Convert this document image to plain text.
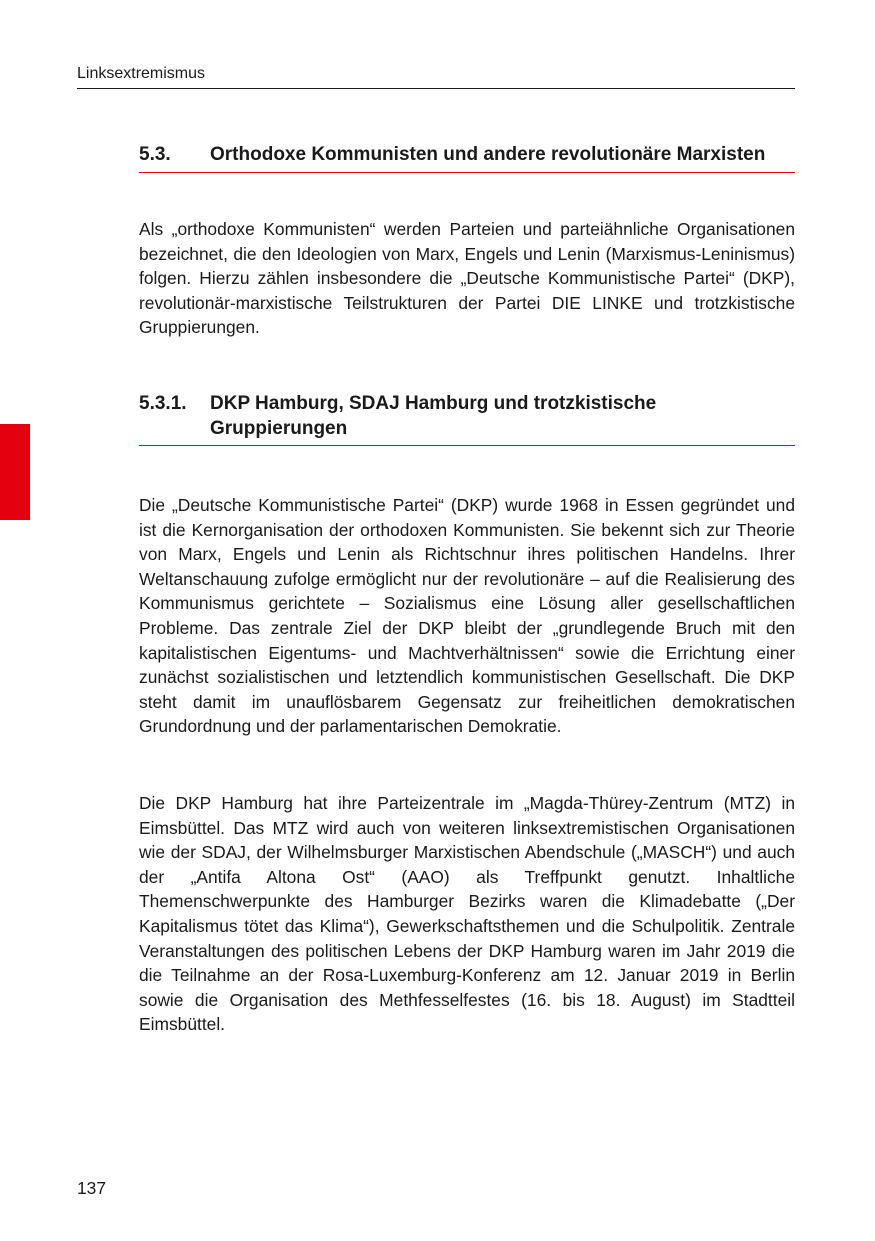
Linksextremismus
5.3. Orthodoxe Kommunisten und andere revolutionäre Marxisten

Als „orthodoxe Kommunisten“ werden Parteien und parteiähnliche Organisationen bezeichnet, die den Ideologien von Marx, Engels und Lenin (Marxismus-Leninismus) folgen. Hierzu zählen insbesondere die „Deutsche Kommunistische Partei“ (DKP), revolutionär-marxistische Teilstrukturen der Partei DIE LINKE und trotzkistische Gruppierungen.

5.3.1. DKP Hamburg, SDAJ Hamburg und trotzkistische Gruppierungen

Die „Deutsche Kommunistische Partei“ (DKP) wurde 1968 in Essen gegründet und ist die Kernorganisation der orthodoxen Kommunisten. Sie bekennt sich zur Theorie von Marx, Engels und Lenin als Richtschnur ihres politischen Handelns. Ihrer Weltanschauung zufolge ermöglicht nur der revolutionäre – auf die Realisierung des Kommunismus gerichtete – Sozialismus eine Lösung aller gesellschaftlichen Probleme. Das zentrale Ziel der DKP bleibt der „grundlegende Bruch mit den kapitalistischen Eigentums- und Machtverhältnissen“ sowie die Errichtung einer zunächst sozialistischen und letztendlich kommunistischen Gesellschaft. Die DKP steht damit im unauflösbarem Gegensatz zur freiheitlichen demokratischen Grundordnung und der parlamentarischen Demokratie.

Die DKP Hamburg hat ihre Parteizentrale im „Magda-Thürey-Zentrum (MTZ) in Eimsbüttel. Das MTZ wird auch von weiteren linksextremistischen Organisationen wie der SDAJ, der Wilhelmsburger Marxistischen Abendschule („MASCH“) und auch der „Antifa Altona Ost“ (AAO) als Treffpunkt genutzt. Inhaltliche Themenschwerpunkte des Hamburger Bezirks waren die Klimadebatte („Der Kapitalismus tötet das Klima“), Gewerkschaftsthemen und die Schulpolitik. Zentrale Veranstaltungen des politischen Lebens der DKP Hamburg waren im Jahr 2019 die die Teilnahme an der Rosa-Luxemburg-Konferenz am 12. Januar 2019 in Berlin sowie die Organisation des Methfesselfestes (16. bis 18. August) im Stadtteil Eimsbüttel.

137
